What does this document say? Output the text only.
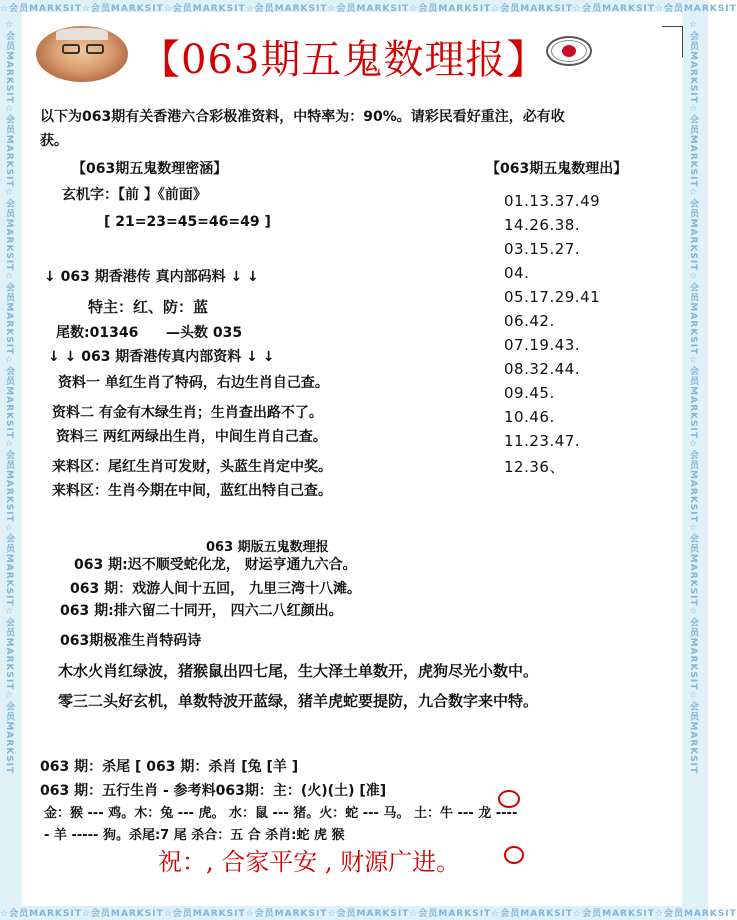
☆会员MARKSIT☆会员MARKSIT☆会员MARKSIT☆会员MARKSIT☆会员MARKSIT☆会员MARKSIT☆会员MARKSIT☆会员MARKSIT☆会员MARKSIT
☆会员MARKSIT☆会员MARKSIT☆会员MARKSIT☆会员MARKSIT☆会员MARKSIT☆会员MARKSIT☆会员MARKSIT☆会员MARKSIT☆会员MARKSIT
☆会员MARKSIT☆会员MARKSIT☆会员MARKSIT☆会员MARKSIT☆会员MARKSIT☆会员MARKSIT☆会员MARKSIT☆会员MARKSIT☆会员MARKSIT	☆会员MARKSIT☆会员MARKSIT☆会员MARKSIT☆会员MARKSIT☆会员MARKSIT☆会员MARKSIT☆会员MARKSIT☆会员MARKSIT☆会员MARKSIT
【063期五鬼数理报】
以下为063期有关香港六合彩极准资料，中特率为：90%。请彩民看好重注，必有收
获。
【063期五鬼数理密涵】
玄机字：【前 】《前面》
[ 21=23=45=46=49 ]
↓ 063 期香港传 真内部码料 ↓ ↓
特主：红、防：蓝
尾数:01346 —头数 035
↓ ↓ 063 期香港传真内部资料 ↓ ↓
资料一 单红生肖了特码，右边生肖自己查。
资料二 有金有木绿生肖；生肖查出路不了。
资料三 两红两绿出生肖，中间生肖自己查。
来料区：尾红生肖可发财，头蓝生肖定中奖。
来料区：生肖今期在中间，蓝红出特自己查。
【063期五鬼数理出】
01.13.37.49
14.26.38.
03.15.27.
04.
05.17.29.41
06.42.
07.19.43.
08.32.44.
09.45.
10.46.
11.23.47.
12.36、
063 期版五鬼数理报
063 期:迟不顺受蛇化龙， 财运亨通九六合。
063 期：戏游人间十五回， 九里三湾十八滩。
063 期:排六留二十同开， 四六二八红颜出。
063期极准生肖特码诗
木水火肖红绿波，猪猴鼠出四七尾，生大泽土单数开，虎狗尽光小数中。
零三二头好玄机，单数特波开蓝绿，猪羊虎蛇要提防，九合数字来中特。
063 期：杀尾 [ 063 期：杀肖 [兔 [羊 ]
063 期：五行生肖 - 参考料063期：主：(火)(土) [准]
金：猴 --- 鸡。木：兔 --- 虎。 水：鼠 --- 猪。火：蛇 --- 马。 土：牛 --- 龙 ----
- 羊 ----- 狗。杀尾:7 尾 杀合：五 合 杀肖:蛇 虎 猴
祝：, 合家平安 , 财源广进。
